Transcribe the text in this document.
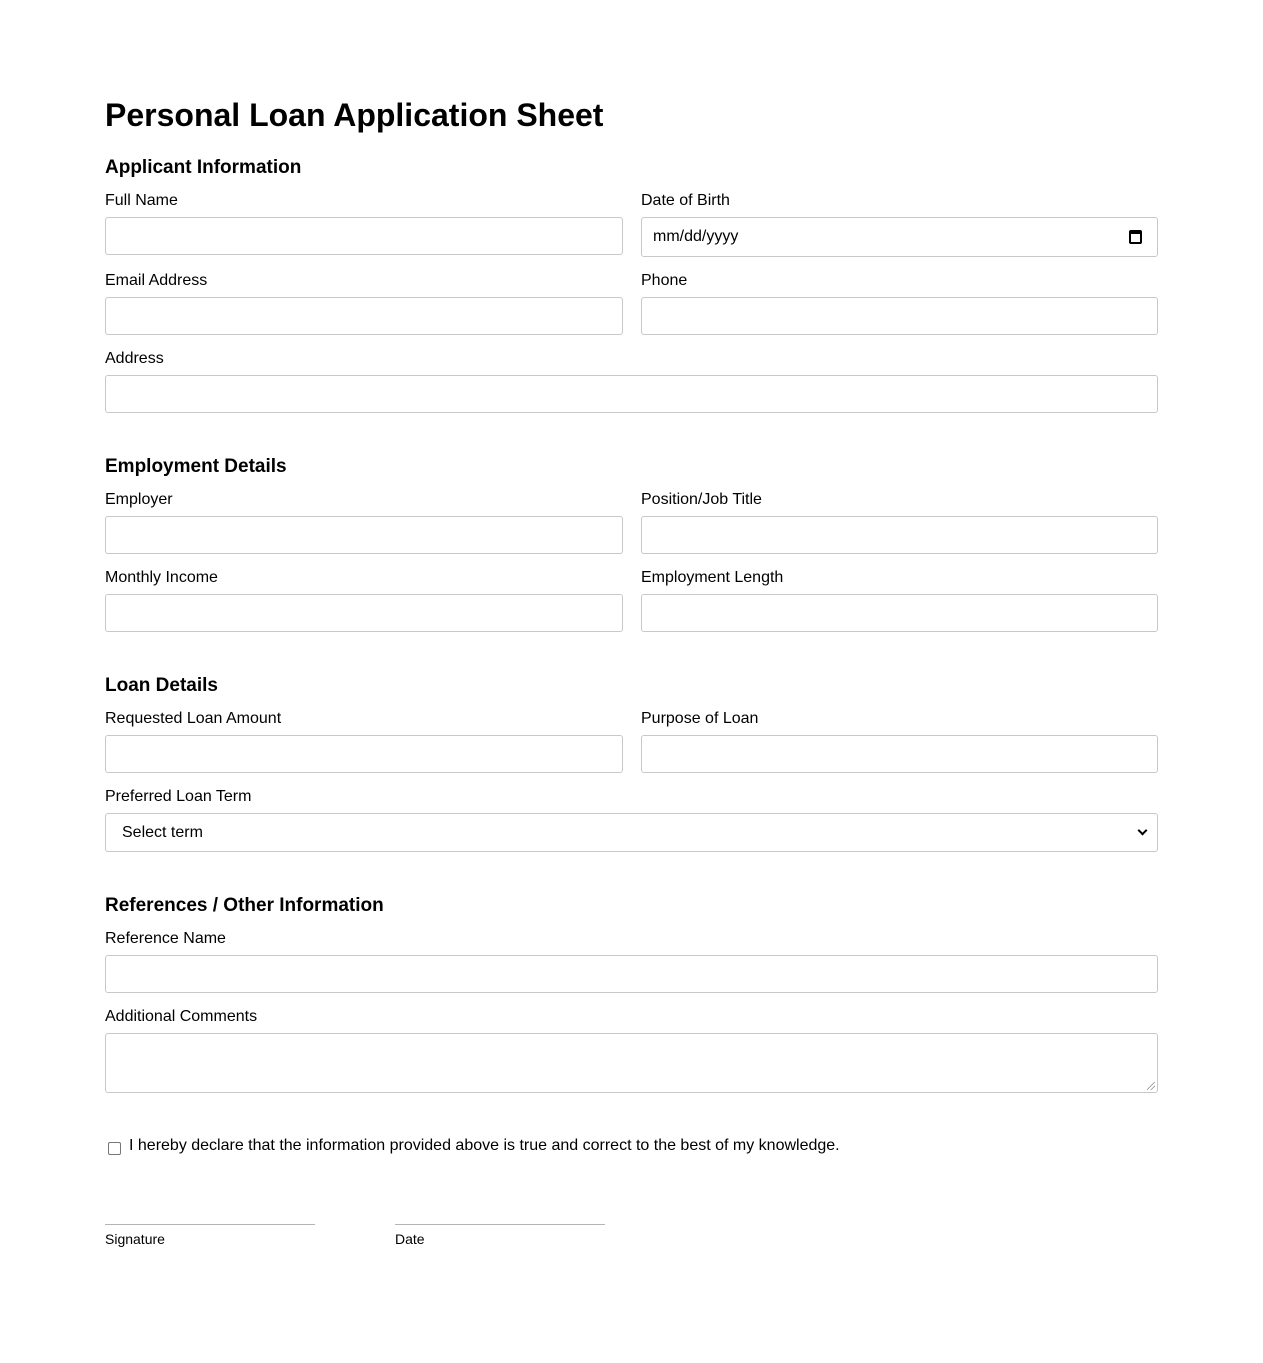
Personal Loan Application Sheet
Applicant Information
Full Name	Date of Birth
mm/dd/yyyy
Email Address	Phone
Address
Employment Details
Employer	Position/Job Title
Monthly Income	Employment Length
Loan Details
Requested Loan Amount	Purpose of Loan
Preferred Loan Term
Select term
References / Other Information
Reference Name
Additional Comments
I hereby declare that the information provided above is true and correct to the best of my knowledge.
Signature	Date
